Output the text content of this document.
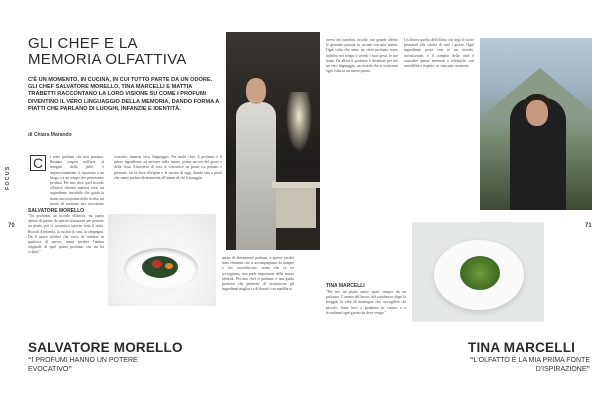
GLI CHEF E LA MEMORIA OLFATTIVA
C'È UN MOMENTO, IN CUCINA, IN CUI TUTTO PARTE DA UN ODORE. GLI CHEF SALVATORE MORELLO, TINA MARCELLI E MATTIA TRABETTI RACCONTANO LA LORO VISIONE SU COME I PROFUMI DIVENTINO IL VERO LINGUAGGIO DELLA MEMORIA, DANDO FORMA A PIATTI CHE PARLANO DI LUOGHI, INFANZIE E IDENTITÀ.
di Chiara Marando
C	i sono profumi che non passano. Restano sospesi nell'aria, ai margini della pelle, e improvvisamente ci riportano a un luogo o a un tempo che pensavamo perduto. Per uno chef, quel ricordo olfattivo diventa materia viva, un ingrediente invisibile che guida la mano ancora prima della ricetta, un punto di partenza per raccontare
concreto, materia viva, linguaggio. Per molti chef, il profumo è il primo ingrediente ad arrivare nella mente, prima ancora del gusto e della vista. Attraverso di esso si costruisce un ponte tra passato e presente, tra la terra d'origine e la cucina di oggi, dando vita a piatti che sanno parlare direttamente all'anima di chi li assaggia.
SALVATORE MORELLO
"Un profumo, un ricordo olfattivo, mi capita spesso di partire da queste sensazioni per pensare un piatto, poi ci costruisco intorno tutto il resto. Ricordi d'infanzia, la cucina di casa, la campagna. Da lì nasce un'idea che cerco di tradurre in qualcosa di nuovo, senza perdere l'anima originale di quel primo profumo che mi ha colpito."
anche di determinati profumi, e questo perché sono elementi che ci accompagnano da sempre e che custodiscono, senza che ce ne accorgiamo, una parte importante della nostra identità. Per uno chef il profumo è una guida preziosa che permette di riconoscere gli ingredienti migliori e di dosarli con equilibrio.
FOCUS
70
SALVATORE MORELLO
“I PROFUMI HANNO UN POTERE EVOCATIVO”
avevo dei bambini, ricordo con grande affetto le giornate passate in cucina con mia nonna. Ogni volta che sento un certo profumo torno indietro nel tempo e rivedo i suoi gesti, le sue mani. Da allora il profumo è diventato per me un vero linguaggio, un ricordo che si trasforma ogni volta in un nuovo piatto.
Un lavoro quello dell'olfatto che lega le storie personali alla cucina di tutti i giorni. Ogni ingrediente porta con sé un ricordo, un'emozione, e il compito dello chef è custodire queste memorie e restituirle, con sensibilità e rispetto, in ciascuna creazione.
71
TINA MARCELLI
"Per me un piatto nasce quasi sempre da un profumo. L'aroma del bosco, del sottobosco dopo la pioggia, le erbe di montagna che raccoglievo da piccola. Sono loro a guidarmi in cucina e a ricordarmi ogni giorno da dove vengo."
TINA MARCELLI
“L'OLFATTO È LA MIA PRIMA FONTE D'ISPIRAZIONE”
